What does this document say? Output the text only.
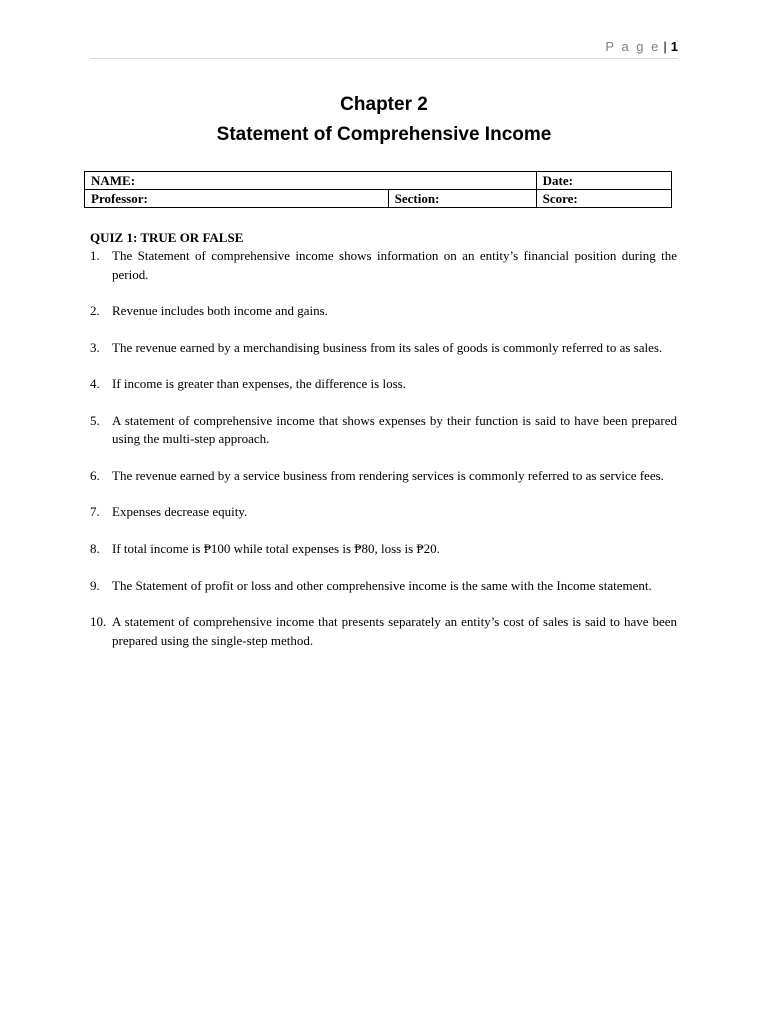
P a g e | 1
Chapter 2
Statement of Comprehensive Income
NAME:		Date:
Professor:	Section:	Score:
QUIZ 1: TRUE OR FALSE
1. The Statement of comprehensive income shows information on an entity’s financial position during the period.
2. Revenue includes both income and gains.
3. The revenue earned by a merchandising business from its sales of goods is commonly referred to as sales.
4. If income is greater than expenses, the difference is loss.
5. A statement of comprehensive income that shows expenses by their function is said to have been prepared using the multi-step approach.
6. The revenue earned by a service business from rendering services is commonly referred to as service fees.
7. Expenses decrease equity.
8. If total income is ₱100 while total expenses is ₱80, loss is ₱20.
9. The Statement of profit or loss and other comprehensive income is the same with the Income statement.
10. A statement of comprehensive income that presents separately an entity’s cost of sales is said to have been prepared using the single-step method.
